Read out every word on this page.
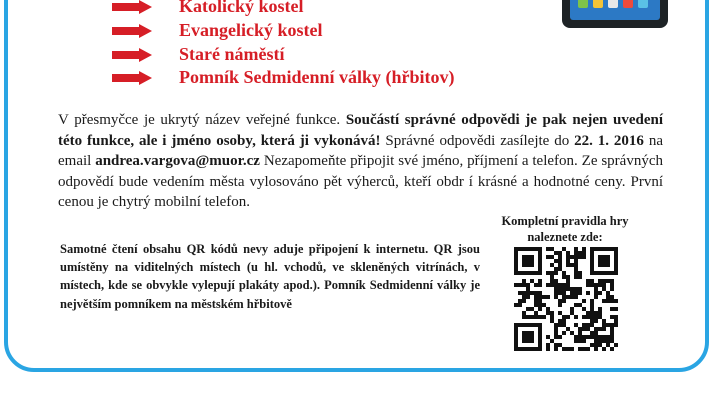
Katolický kostel
Evangelický kostel
Staré náměstí
Pomník Sedmidenní války (hřbitov)
V přesmyčce je ukrytý název veřejné funkce. Součástí správné odpovědi je pak nejen uvedení této funkce, ale i jméno osoby, která ji vykonává! Správné odpovědi zasílejte do 22. 1. 2016 na email andrea.vargova@muor.cz Nezapomeňte připojit své jméno, příjmení a telefon. Ze správných odpovědí bude vedením města vylosováno pět výherců, kteří obdr í krásné a hodnotné ceny. První cenou je chytrý mobilní telefon.
Samotné čtení obsahu QR kódů nevy aduje připojení k internetu. QR jsou umístěny na viditelných místech (u hl. vchodů, ve skleněných vitrínách, v místech, kde se obvykle vylepují plakáty apod.). Pomník Sedmidenní války je největším pomníkem na městském hřbitově
Kompletní pravidla hry naleznete zde:
